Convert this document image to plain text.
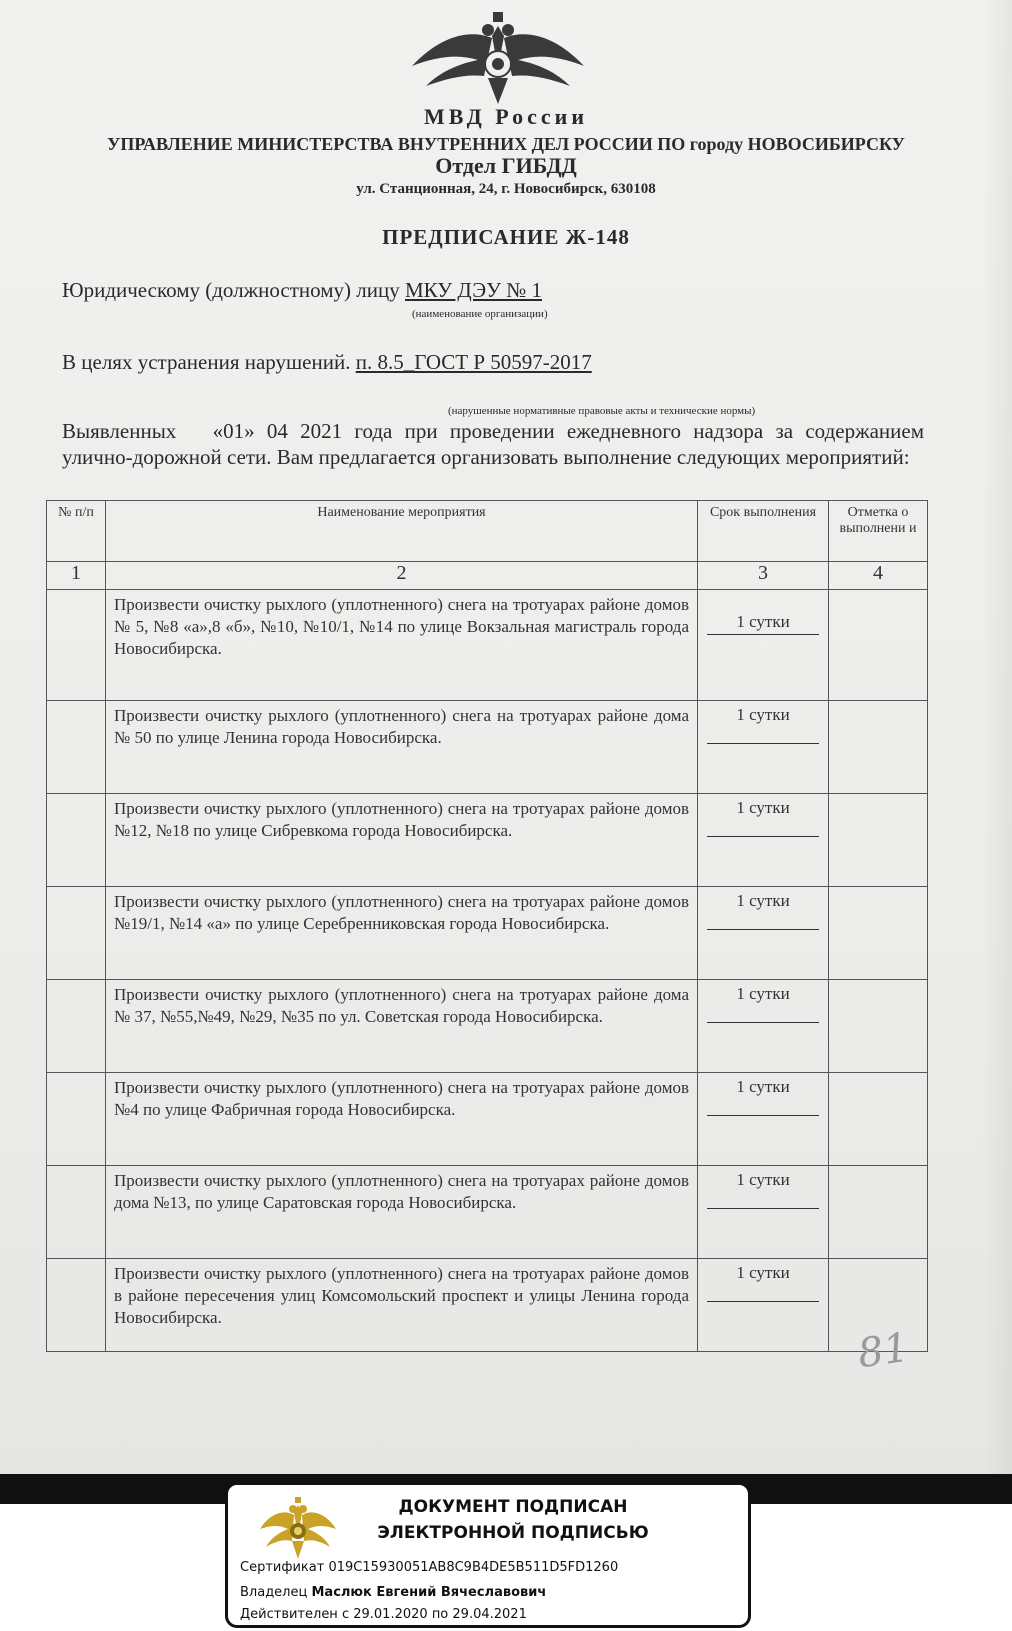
МВД России
УПРАВЛЕНИЕ МИНИСТЕРСТВА ВНУТРЕННИХ ДЕЛ РОССИИ ПО городу НОВОСИБИРСКУ
Отдел ГИБДД
ул. Станционная, 24, г. Новосибирск, 630108
ПРЕДПИСАНИЕ Ж-148
Юридическому (должностному) лицу МКУ ДЭУ № 1
(наименование организации)
В целях устранения нарушений. п. 8.5_ГОСТ Р 50597-2017
(нарушенные нормативные правовые акты и технические нормы)
Выявленных «01» 04 2021 года при проведении ежедневного надзора за содержанием улично-дорожной сети. Вам предлагается организовать выполнение следующих мероприятий:
№ п/п	Наименование мероприятия	Срок выполнения	Отметка о выполнени и
1	2	3	4
	Произвести очистку рыхлого (уплотненного) снега на тротуарах районе домов № 5, №8 «а»,8 «б», №10, №10/1, №14 по улице Вокзальная магистраль города Новосибирска.	1 сутки

	Произвести очистку рыхлого (уплотненного) снега на тротуарах районе дома № 50 по улице Ленина города Новосибирска.	1 сутки

	Произвести очистку рыхлого (уплотненного) снега на тротуарах районе домов №12, №18 по улице Сибревкома города Новосибирска.	1 сутки

	Произвести очистку рыхлого (уплотненного) снега на тротуарах районе домов №19/1, №14 «а» по улице Серебренниковская города Новосибирска.	1 сутки

	Произвести очистку рыхлого (уплотненного) снега на тротуарах районе дома № 37, №55,№49, №29, №35 по ул. Советская города Новосибирска.	1 сутки

	Произвести очистку рыхлого (уплотненного) снега на тротуарах районе домов №4 по улице Фабричная города Новосибирска.	1 сутки

	Произвести очистку рыхлого (уплотненного) снега на тротуарах районе домов дома №13, по улице Саратовская города Новосибирска.	1 сутки

	Произвести очистку рыхлого (уплотненного) снега на тротуарах районе домов в районе пересечения улиц Комсомольский проспект и улицы Ленина города Новосибирска.	1 сутки

81
ДОКУМЕНТ ПОДПИСАН
ЭЛЕКТРОННОЙ ПОДПИСЬЮ
Сертификат 019C15930051AB8C9B4DE5B511D5FD1260
Владелец Маслюк Евгений Вячеславович
Действителен с 29.01.2020 по 29.04.2021
